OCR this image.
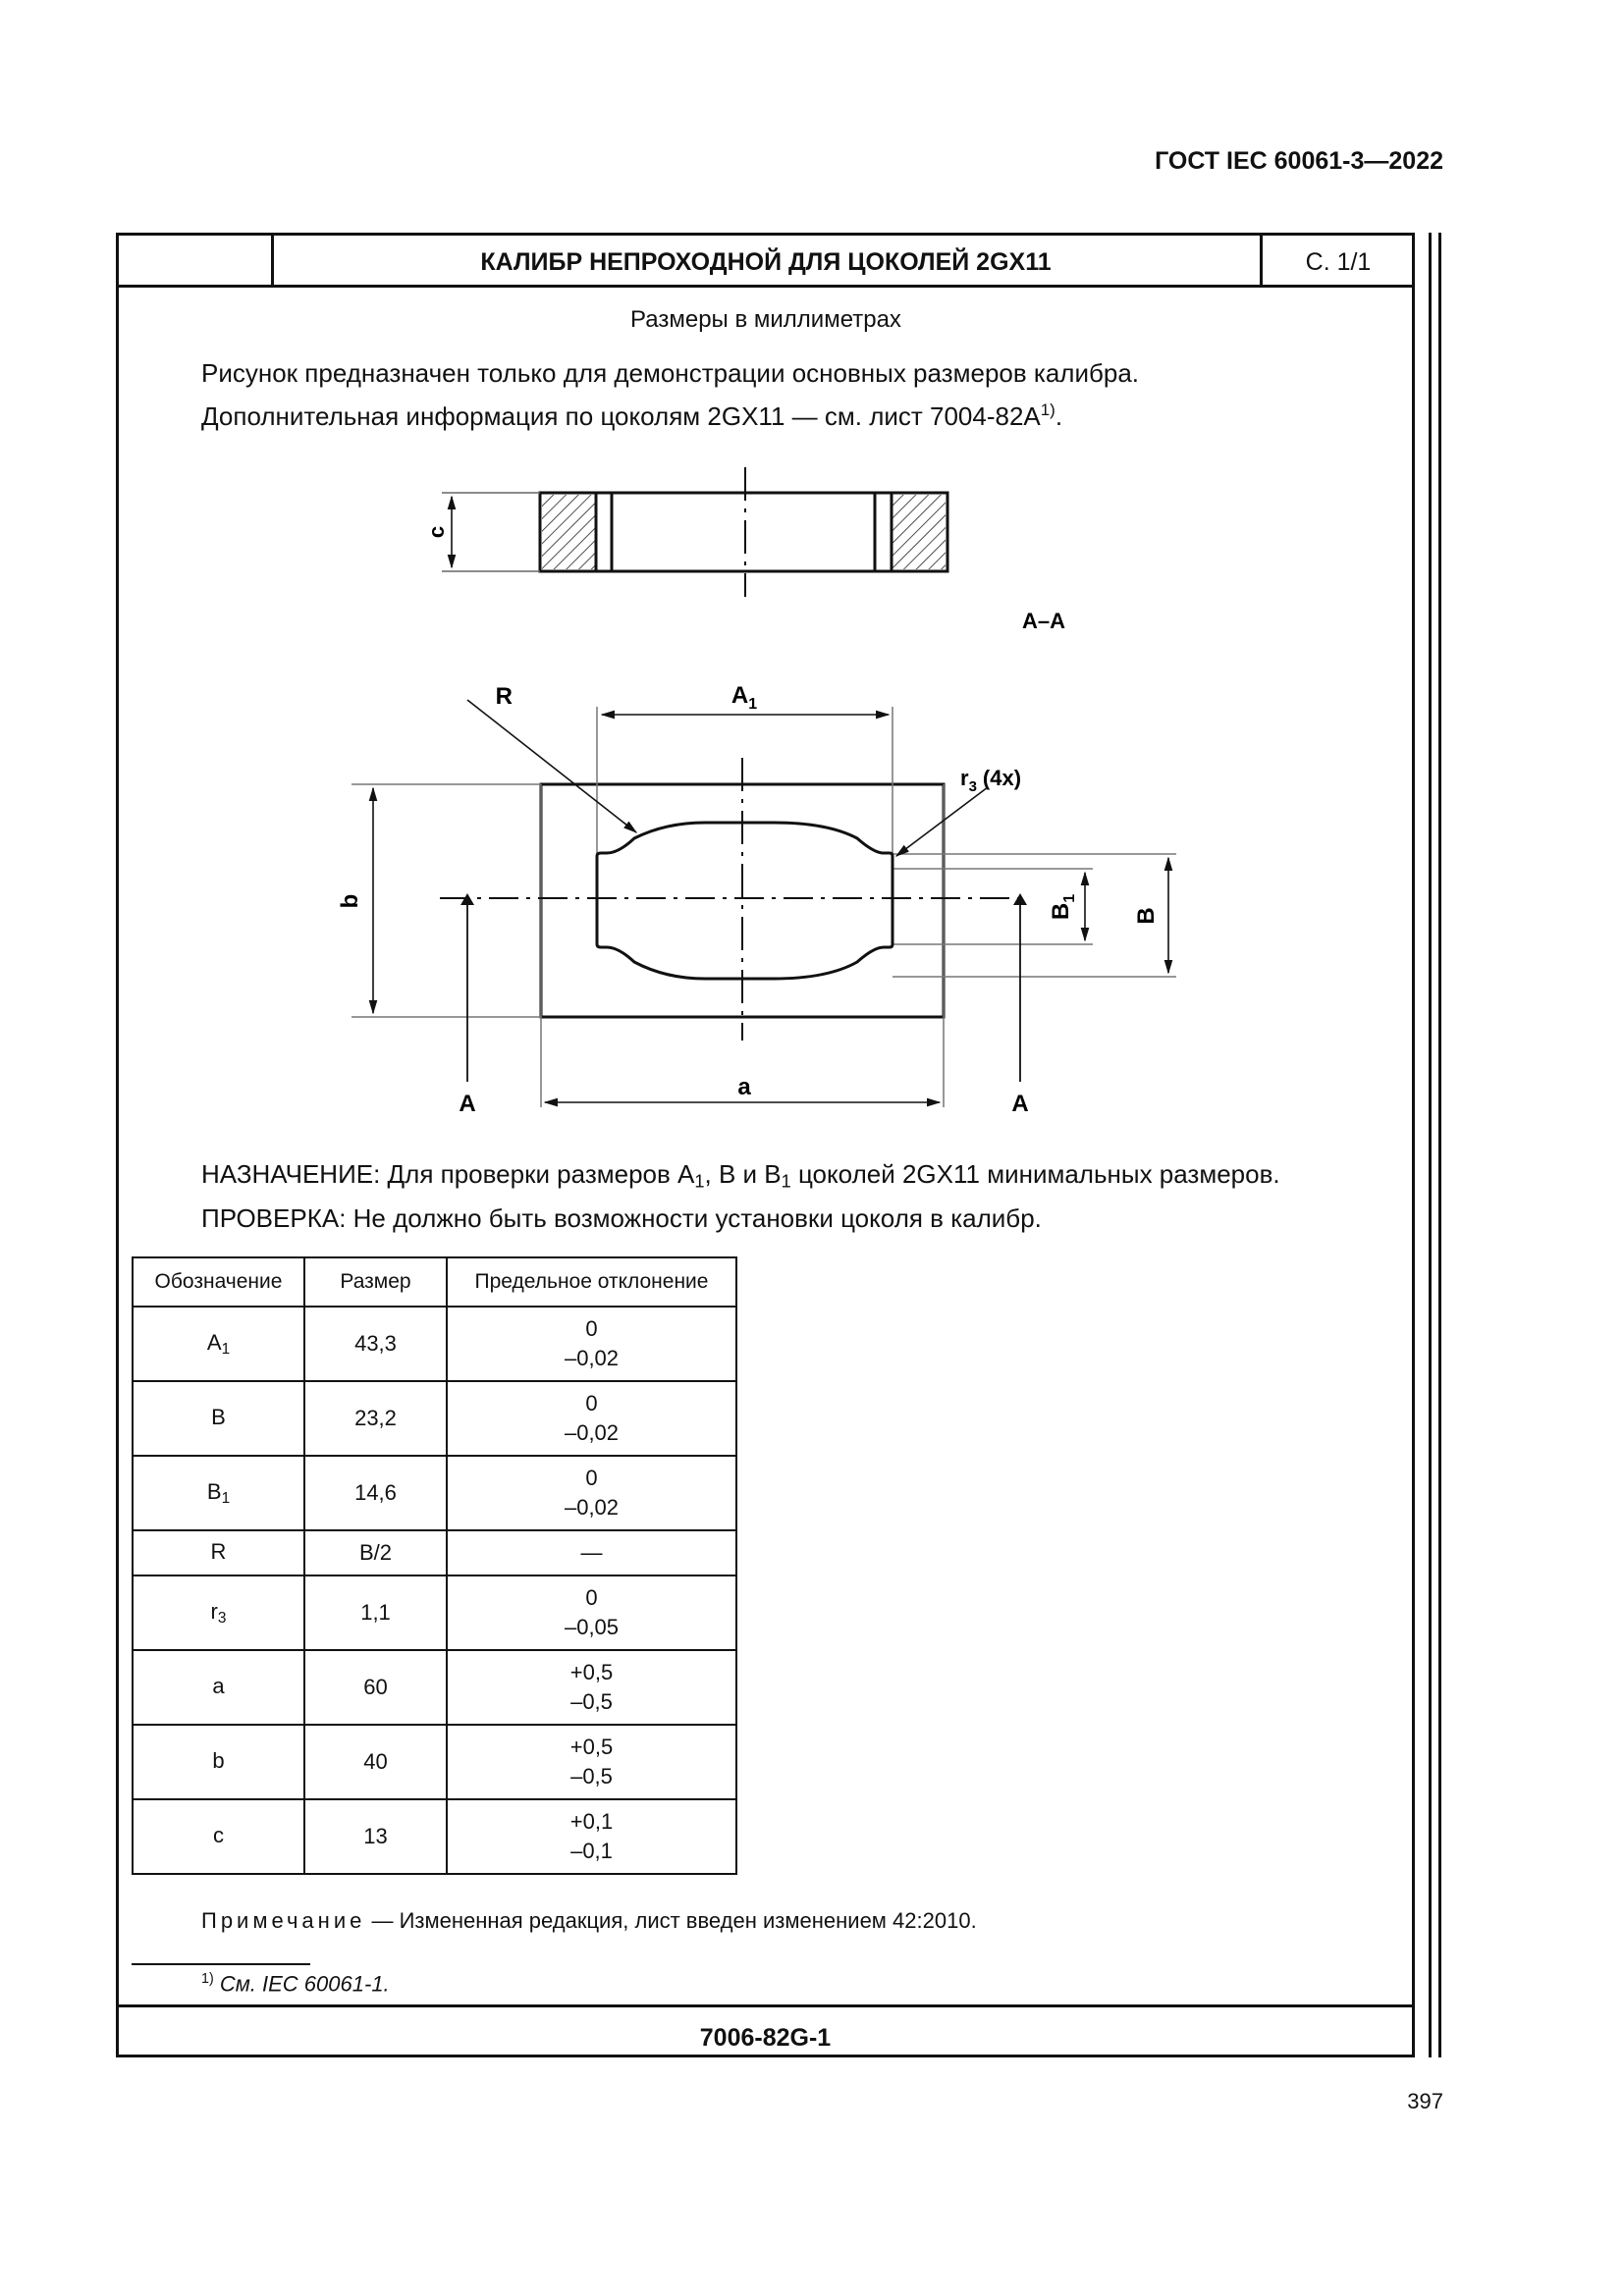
ГОСТ IEC 60061-3—2022
КАЛИБР НЕПРОХОДНОЙ ДЛЯ ЦОКОЛЕЙ 2GX11	С. 1/1
Размеры в миллиметрах
Рисунок предназначен только для демонстрации основных размеров калибра.
Дополнительная информация по цоколям 2GX11 — см. лист $7004-82A^{1)}$.
c
A–A
R	$A_1$
$r_3$ (4x)
b
$B_1$
B
a
A	A
НАЗНАЧЕНИЕ: Для проверки размеров $A_1$, B и $B_1$ цоколей 2GX11 минимальных размеров.
ПРОВЕРКА: Не должно быть возможности установки цоколя в калибр.
Обозначение	Размер	Предельное отклонение
$A_1$	43,3	0
–0,02

B	23,2	0
–0,02

$B_1$	14,6	0
–0,02

R	B/2	—
$r_3$	1,1	0
–0,05

a	60	+0,5
–0,5

b	40	+0,5
–0,5

c	13	+0,1
–0,1
Примечание — Измененная редакция, лист введен изменением 42:2010.
$^{1)}$ См. IEC 60061-1.
7006-82G-1
397
